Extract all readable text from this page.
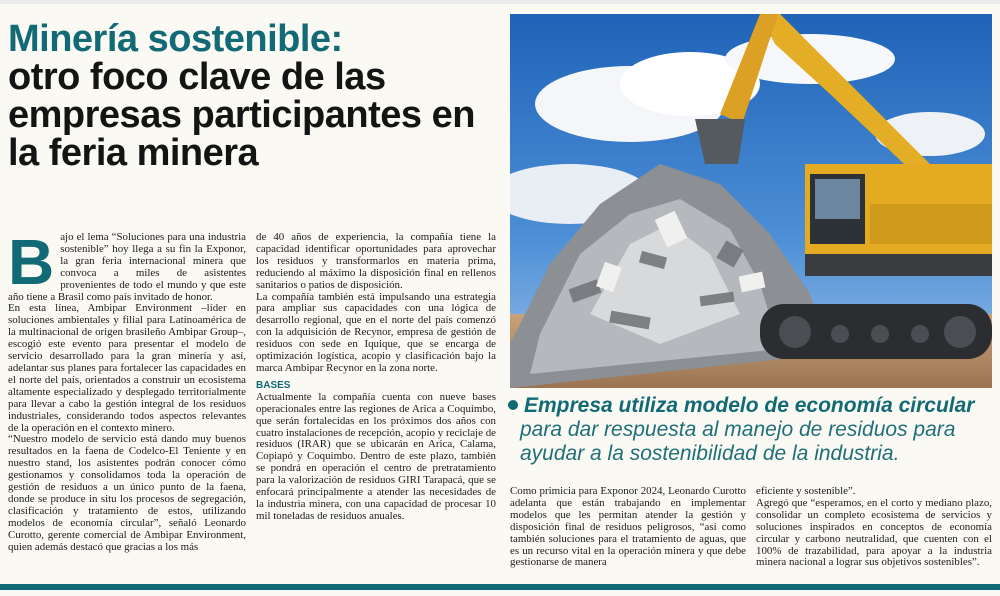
Minería sostenible:
otro foco clave de las empresas participantes en la feria minera

Bajo el lema “Soluciones para una industria sostenible” hoy llega a su fin la Exponor, la gran feria internacional minera que convoca a miles de asistentes provenientes de todo el mundo y que este año tiene a Brasil como país invitado de honor.

En esta línea, Ambipar Environment –líder en soluciones ambientales y filial para Latinoamérica de la multinacional de origen brasileño Ambipar Group–, escogió este evento para presentar el modelo de servicio desarrollado para la gran minería y así, adelantar sus planes para fortalecer las capacidades en el norte del país, orientados a construir un ecosistema altamente especializado y desplegado territorialmente para llevar a cabo la gestión integral de los residuos industriales, considerando todos aspectos relevantes de la operación en el contexto minero.

“Nuestro modelo de servicio está dando muy buenos resultados en la faena de Codelco-El Teniente y en nuestro stand, los asistentes podrán conocer cómo gestionamos y consolidamos toda la operación de gestión de residuos a un único punto de la faena, donde se produce in situ los procesos de segregación, clasificación y tratamiento de estos, utilizando modelos de economía circular”, señaló Leonardo Curotto, gerente comercial de Ambipar Environment, quien además destacó que gracias a los más

de 40 años de experiencia, la compañía tiene la capacidad identificar oportunidades para aprovechar los residuos y transformarlos en materia prima, reduciendo al máximo la disposición final en rellenos sanitarios o patios de disposición.

La compañía también está impulsando una estrategia para ampliar sus capacidades con una lógica de desarrollo regional, que en el norte del país comenzó con la adquisición de Recynor, empresa de gestión de residuos con sede en Iquique, que se encarga de optimización logística, acopio y clasificación bajo la marca Ambipar Recynor en la zona norte.

BASES

Actualmente la compañía cuenta con nueve bases operacionales entre las regiones de Arica a Coquimbo, que serán fortalecidas en los próximos dos años con cuatro instalaciones de recepción, acopio y reciclaje de residuos (IRAR) que se ubicarán en Arica, Calama, Copiapó y Coquimbo. Dentro de este plazo, también se pondrá en operación el centro de pretratamiento para la valorización de residuos GIRI Tarapacá, que se enfocará principalmente a atender las necesidades de la industria minera, con una capacidad de procesar 10 mil toneladas de residuos anuales.

Empresa utiliza modelo de economía circular
para dar respuesta al manejo de residuos para ayudar a la sostenibilidad de la industria.

Como primicia para Exponor 2024, Leonardo Curotto adelanta que están trabajando en implementar modelos que les permitan atender la gestión y disposición final de residuos peligrosos, “así como también soluciones para el tratamiento de aguas, que es un recurso vital en la operación minera y que debe gestionarse de manera

eficiente y sostenible”.

Agregó que “esperamos, en el corto y mediano plazo, consolidar un completo ecosistema de servicios y soluciones inspirados en conceptos de economía circular y carbono neutralidad, que cuenten con el 100% de trazabilidad, para apoyar a la industria minera nacional a lograr sus objetivos sostenibles”.
